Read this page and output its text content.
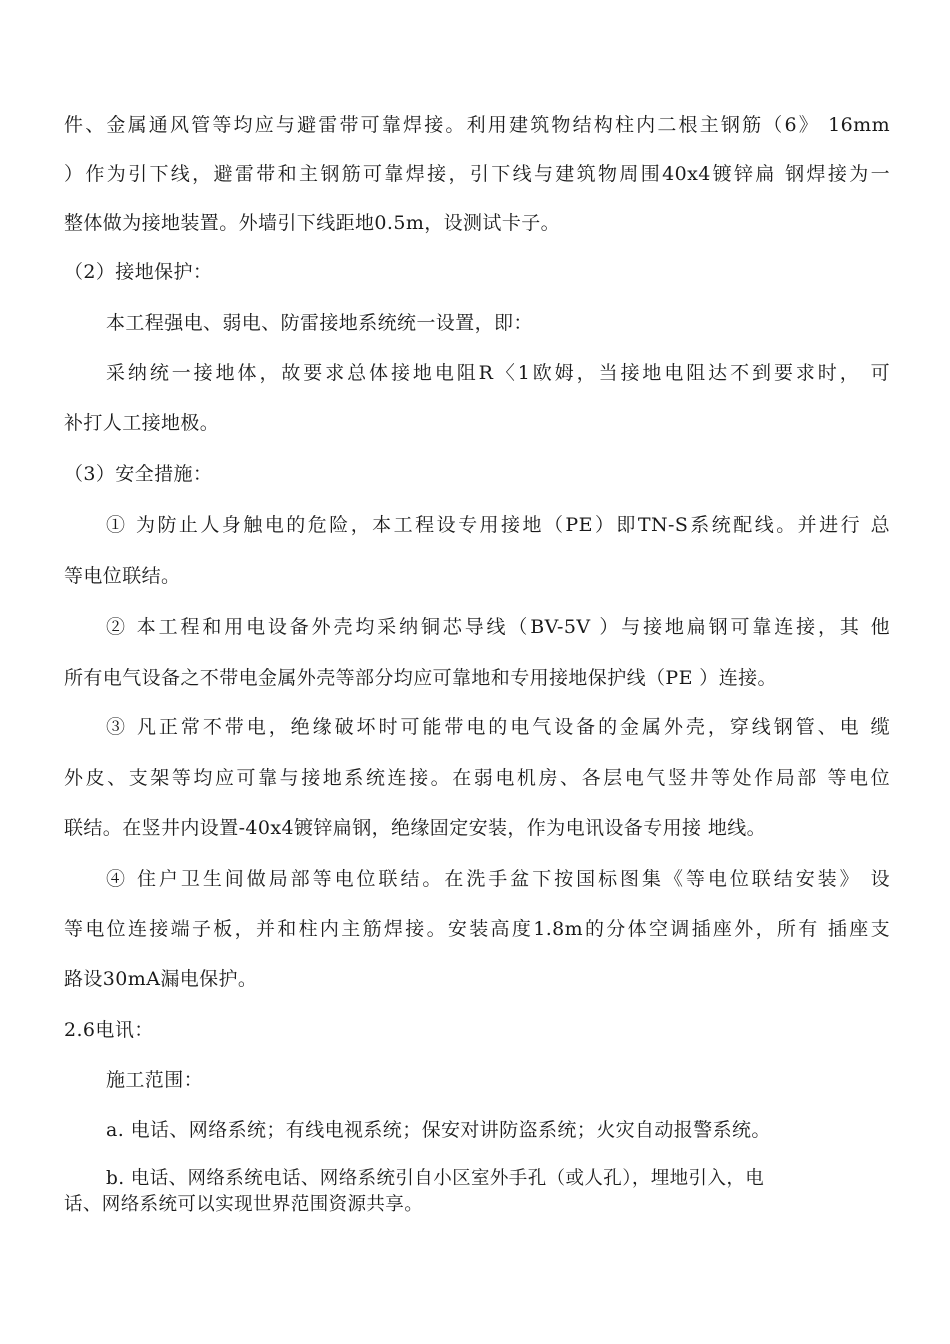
件、金属通风管等均应与避雷带可靠焊接。利用建筑物结构柱内二根主钢筋（6》 16mm
）作为引下线，避雷带和主钢筋可靠焊接，引下线与建筑物周围40x4镀锌扁 钢焊接为一
整体做为接地装置。外墙引下线距地0.5m，设测试卡子。
（2）接地保护：
本工程强电、弱电、防雷接地系统统一设置，即：
采纳统一接地体，故要求总体接地电阻R〈1欧姆，当接地电阻达不到要求时， 可
补打人工接地极。
（3）安全措施：
① 为防止人身触电的危险，本工程设专用接地（PE）即TN-S系统配线。并进行 总
等电位联结。
② 本工程和用电设备外壳均采纳铜芯导线（BV-5V ）与接地扁钢可靠连接，其 他
所有电气设备之不带电金属外壳等部分均应可靠地和专用接地保护线（PE ）连接。
③ 凡正常不带电，绝缘破坏时可能带电的电气设备的金属外壳，穿线钢管、电 缆
外皮、支架等均应可靠与接地系统连接。在弱电机房、各层电气竖井等处作局部 等电位
联结。在竖井内设置-40x4镀锌扁钢，绝缘固定安装，作为电讯设备专用接 地线。
④ 住户卫生间做局部等电位联结。在洗手盆下按国标图集《等电位联结安装》 设
等电位连接端子板，并和柱内主筋焊接。安装高度1.8m的分体空调插座外，所有 插座支
路设30mA漏电保护。
2.6电讯：
施工范围：
a. 电话、网络系统；有线电视系统；保安对讲防盗系统；火灾自动报警系统。
b. 电话、网络系统电话、网络系统引自小区室外手孔（或人孔），埋地引入，电
话、网络系统可以实现世界范围资源共享。
